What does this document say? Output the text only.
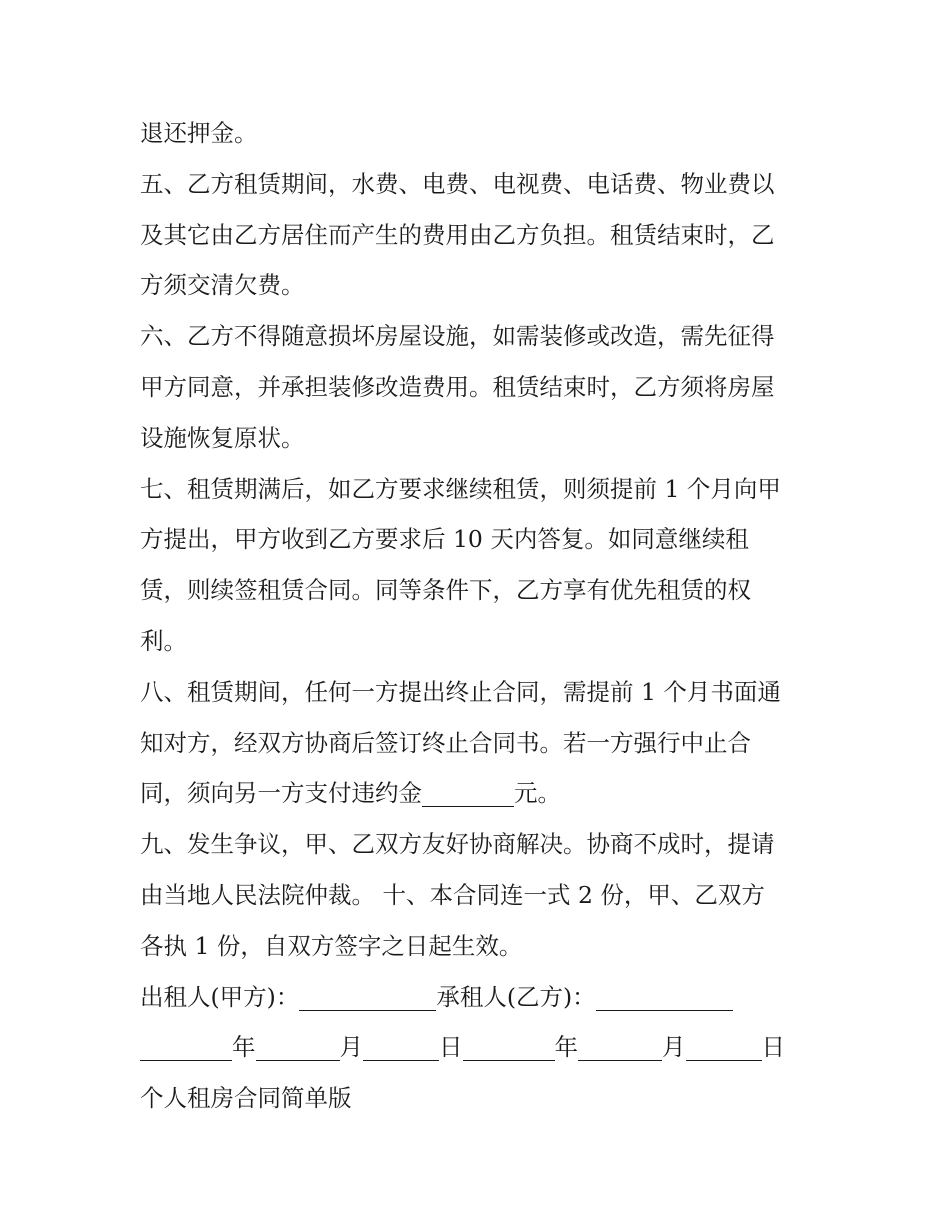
退还押金。
五、乙方租赁期间，水费、电费、电视费、电话费、物业费以
及其它由乙方居住而产生的费用由乙方负担。租赁结束时，乙
方须交清欠费。
六、乙方不得随意损坏房屋设施，如需装修或改造，需先征得
甲方同意，并承担装修改造费用。租赁结束时，乙方须将房屋
设施恢复原状。
七、租赁期满后，如乙方要求继续租赁，则须提前 1 个月向甲
方提出，甲方收到乙方要求后 10 天内答复。如同意继续租
赁，则续签租赁合同。同等条件下，乙方享有优先租赁的权
利。
八、租赁期间，任何一方提出终止合同，需提前 1 个月书面通
知对方，经双方协商后签订终止合同书。若一方强行中止合
同，须向另一方支付违约金	元。
九、发生争议，甲、乙双方友好协商解决。协商不成时，提请
由当地人民法院仲裁。 十、本合同连一式 2 份，甲、乙双方
各执 1 份，自双方签字之日起生效。
出租人(甲方)：	承租人(乙方)：
年	月	日	年	月	日
个人租房合同简单版
